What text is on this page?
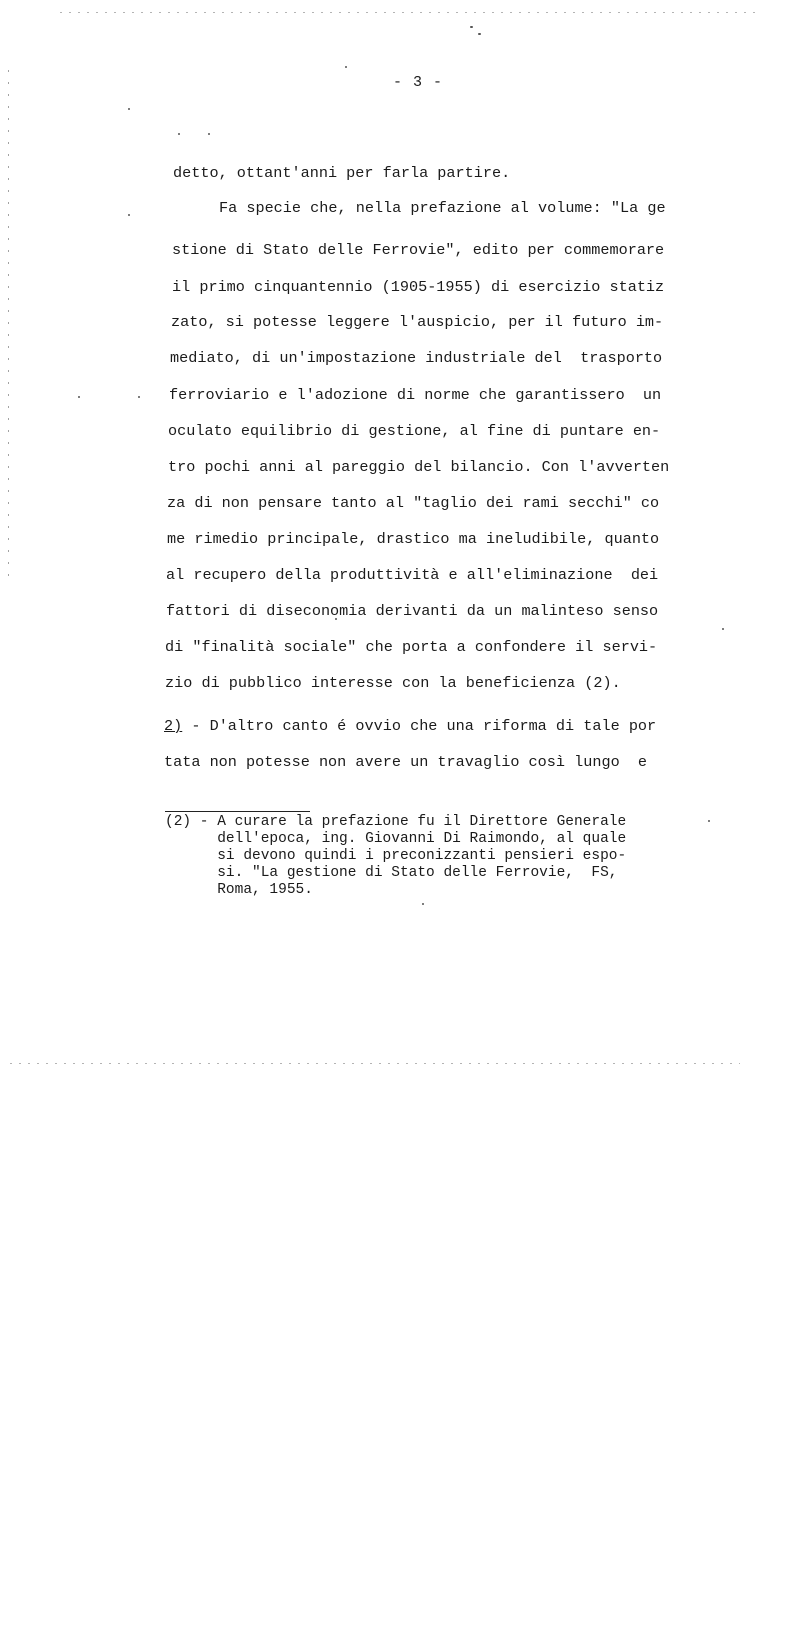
- 3 -
detto, ottant'anni per farla partire.
Fa specie che, nella prefazione al volume: "La ge
stione di Stato delle Ferrovie", edito per commemorare
il primo cinquantennio (1905-1955) di esercizio statiz
zato, si potesse leggere l'auspicio, per il futuro im-
mediato, di un'impostazione industriale del  trasporto
ferroviario e l'adozione di norme che garantissero  un
oculato equilibrio di gestione, al fine di puntare en-
tro pochi anni al pareggio del bilancio. Con l'avverten
za di non pensare tanto al "taglio dei rami secchi" co
me rimedio principale, drastico ma ineludibile, quanto
al recupero della produttività e all'eliminazione  dei
fattori di diseconomia derivanti da un malinteso senso
di "finalità sociale" che porta a confondere il servi-
zio di pubblico interesse con la beneficienza (2).
2) - D'altro canto é ovvio che una riforma di tale por
tata non potesse non avere un travaglio così lungo  e
(2) - A curare la prefazione fu il Direttore Generale
dell'epoca, ing. Giovanni Di Raimondo, al quale
si devono quindi i preconizzanti pensieri espo-
si. "La gestione di Stato delle Ferrovie,  FS,
Roma, 1955.
